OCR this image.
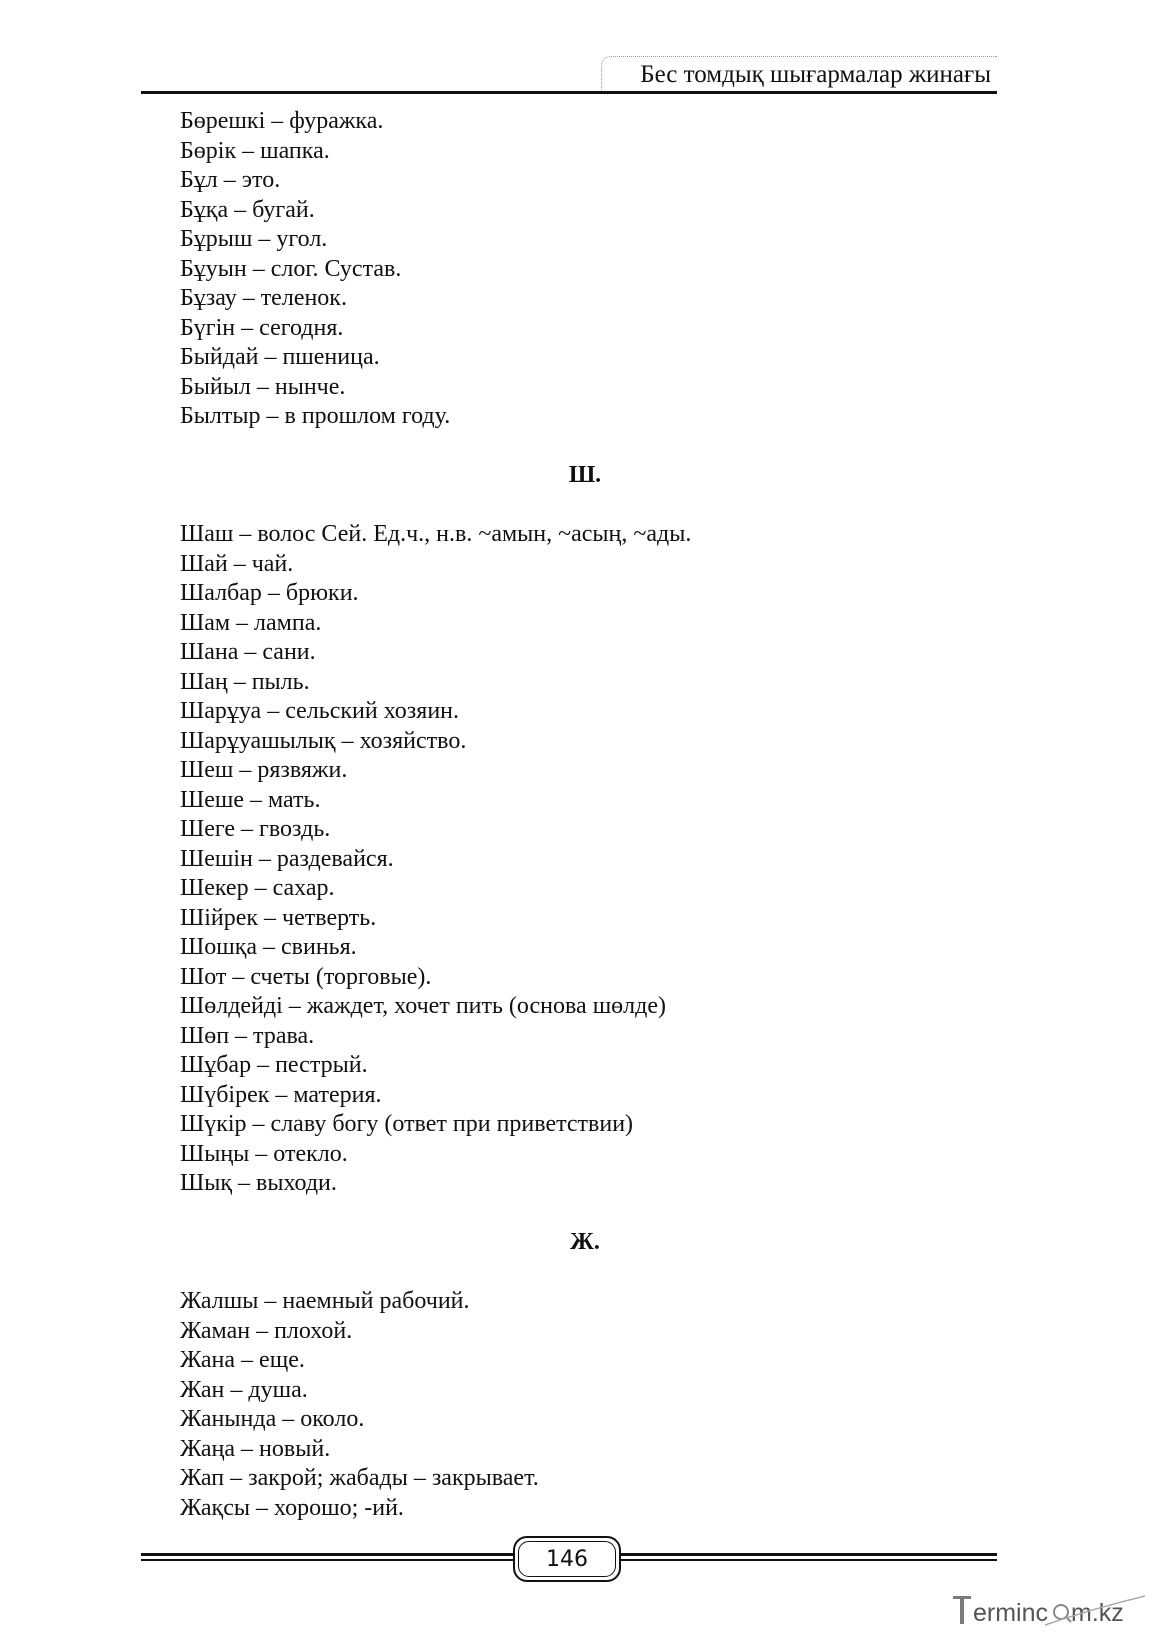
Бес томдық шығармалар жинағы
Бөрешкі – фуражка.
Бөрік – шапка.
Бұл – это.
Бұқа – бугай.
Бұрыш – угол.
Бұуын – слог. Сустав.
Бұзау – теленок.
Бүгін – сегодня.
Быйдай – пшеница.
Быйыл – нынче.
Былтыр – в прошлом году.
Ш.
Шаш – волос Сей. Ед.ч., н.в. ~амын, ~асың, ~ады.
Шай – чай.
Шалбар – брюки.
Шам – лампа.
Шана – сани.
Шаң – пыль.
Шарұуа – сельский хозяин.
Шарұуашылық – хозяйство.
Шеш – рязвяжи.
Шеше – мать.
Шеге – гвоздь.
Шешін – раздевайся.
Шекер – сахар.
Шійрек – четверть.
Шошқа – свинья.
Шот – счеты (торговые).
Шөлдейді – жаждет, хочет пить (основа шөлде)
Шөп – трава.
Шұбар – пестрый.
Шүбірек – материя.
Шүкір – славу богу (ответ при приветствии)
Шыңы – отекло.
Шық – выходи.
Ж.
Жалшы – наемный рабочий.
Жаман – плохой.
Жана – еще.
Жан – душа.
Жанында – около.
Жаңа – новый.
Жап – закрой; жабады – закрывает.
Жақсы – хорошо; -ий.
146
erminc m.kz
